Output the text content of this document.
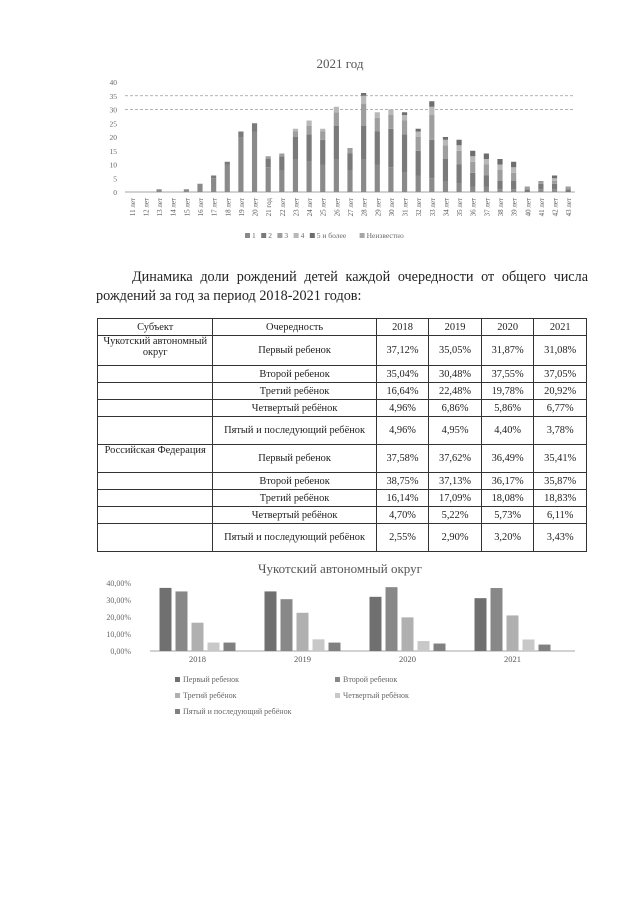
2021 год
0
5
10
15
20
25
30
35
40
11 лет 12 лет 13 лет 14 лет 15 лет 16 лет 17 лет 18 лет 19 лет 20 лет 21 год 22 лет 23 лет 24 лет 25 лет 26 лет 27 лет 28 лет 29 лет 30 лет 31 лет 32 лет 33 лет 34 лет 35 лет 36 лет 37 лет 38 лет 39 лет 40 лет 41 лет 42 лет 43 лет
1 2 3 4 5 и более	Неизвестно
Динамика доли рождений детей каждой очередности от общего числа рождений за год за период 2018-2021 годов:
Субъект	Очередность	2018	2019	2020	2021
Чукотский автономный округ	Первый ребенок	37,12%	35,05%	31,87%	31,08%
	Второй ребенок	35,04%	30,48%	37,55%	37,05%
	Третий ребёнок	16,64%	22,48%	19,78%	20,92%
	Четвертый ребёнок	4,96%	6,86%	5,86%	6,77%
	Пятый и последующий ребёнок	4,96%	4,95%	4,40%	3,78%
Российская Федерация	Первый ребенок	37,58%	37,62%	36,49%	35,41%
	Второй ребенок	38,75%	37,13%	36,17%	35,87%
	Третий ребёнок	16,14%	17,09%	18,08%	18,83%
	Четвертый ребёнок	4,70%	5,22%	5,73%	6,11%
	Пятый и последующий ребёнок	2,55%	2,90%	3,20%	3,43%
Чукотский автономный округ
0,00%
10,00%
20,00%
30,00%
40,00%
2018	2019	2020	2021
Первый ребенок	Второй ребенок
Третий ребёнок	Четвертый ребёнок
Пятый и последующий ребёнок
